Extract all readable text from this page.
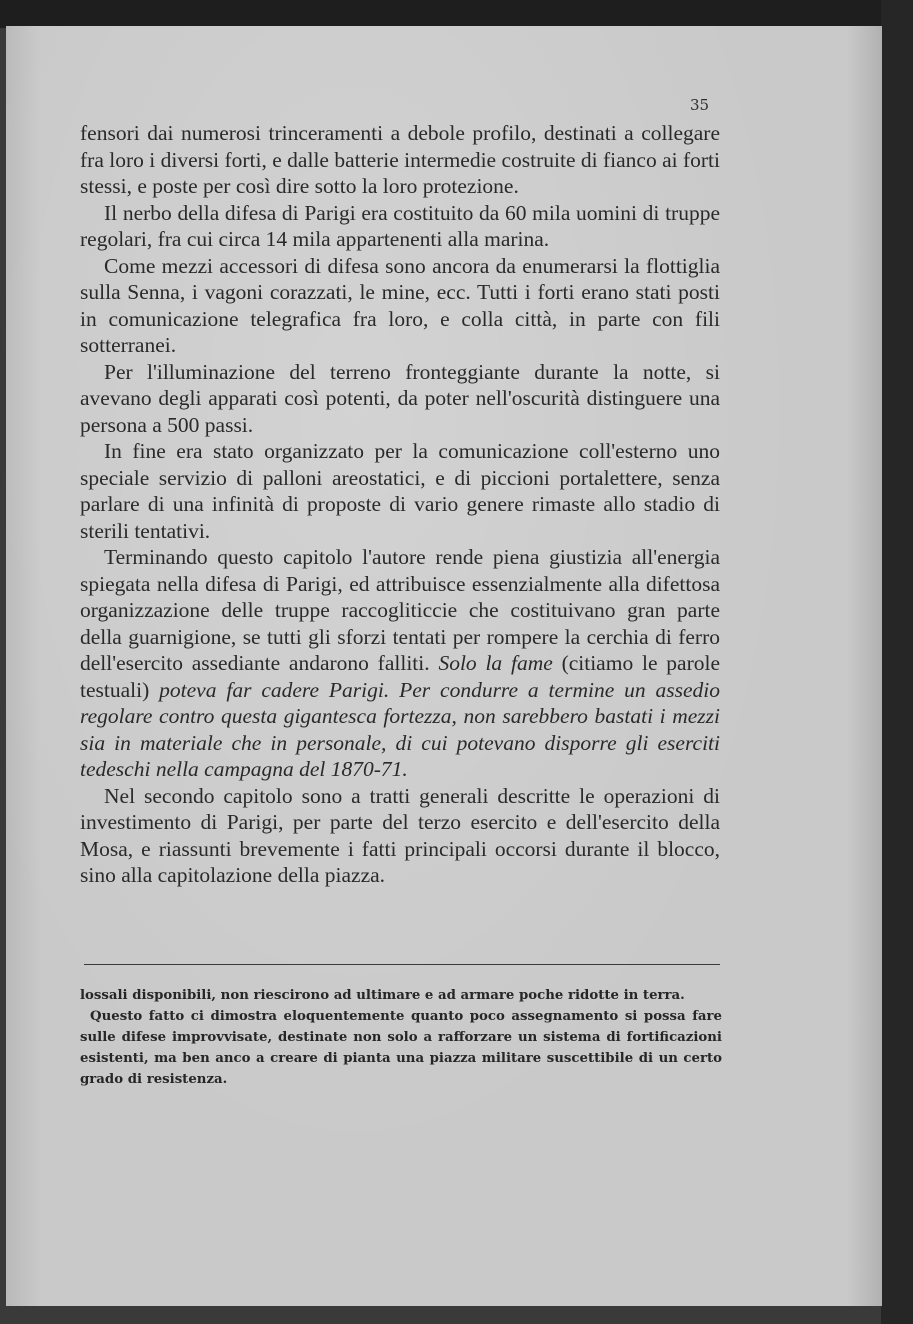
35

fensori dai numerosi trinceramenti a debole profilo, destinati a collegare fra loro i diversi forti, e dalle batterie intermedie costruite di fianco ai forti stessi, e poste per così dire sotto la loro protezione.

Il nerbo della difesa di Parigi era costituito da 60 mila uomini di truppe regolari, fra cui circa 14 mila appartenenti alla marina.

Come mezzi accessori di difesa sono ancora da enumerarsi la flottiglia sulla Senna, i vagoni corazzati, le mine, ecc. Tutti i forti erano stati posti in comunicazione telegrafica fra loro, e colla città, in parte con fili sotterranei.

Per l'illuminazione del terreno fronteggiante durante la notte, si avevano degli apparati così potenti, da poter nell'oscurità distinguere una persona a 500 passi.

In fine era stato organizzato per la comunicazione coll'esterno uno speciale servizio di palloni areostatici, e di piccioni portalettere, senza parlare di una infinità di proposte di vario genere rimaste allo stadio di sterili tentativi.

Terminando questo capitolo l'autore rende piena giustizia all'energia spiegata nella difesa di Parigi, ed attribuisce essenzialmente alla difettosa organizzazione delle truppe raccogliticcie che costituivano gran parte della guarnigione, se tutti gli sforzi tentati per rompere la cerchia di ferro dell'esercito assediante andarono falliti. Solo la fame (citiamo le parole testuali) poteva far cadere Parigi. Per condurre a termine un assedio regolare contro questa gigantesca fortezza, non sarebbero bastati i mezzi sia in materiale che in personale, di cui potevano disporre gli eserciti tedeschi nella campagna del 1870-71.

Nel secondo capitolo sono a tratti generali descritte le operazioni di investimento di Parigi, per parte del terzo esercito e dell'esercito della Mosa, e riassunti brevemente i fatti principali occorsi durante il blocco, sino alla capitolazione della piazza.

lossali disponibili, non riescirono ad ultimare e ad armare poche ridotte in terra.

Questo fatto ci dimostra eloquentemente quanto poco assegnamento si possa fare sulle difese improvvisate, destinate non solo a rafforzare un sistema di fortificazioni esistenti, ma ben anco a creare di pianta una piazza militare suscettibile di un certo grado di resistenza.
